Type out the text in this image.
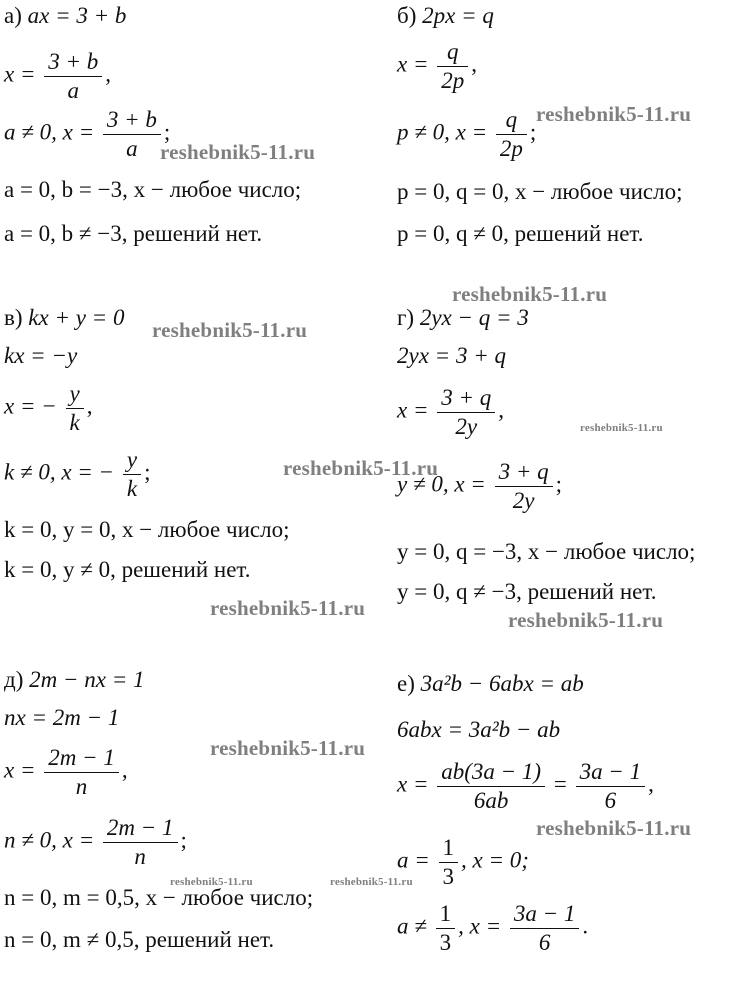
а) ax = 3 + b
$x = \frac{3 + b}{a}$ ,
a ≠ 0, $x = \frac{3 + b}{a}$ ;
a = 0, b = −3, x − любое число;
a = 0, b ≠ −3, решений нет.
б) 2px = q
$x = \frac{q}{2p}$ ,
p ≠ 0, $x = \frac{q}{2p}$ ;
p = 0, q = 0, x − любое число;
p = 0, q ≠ 0, решений нет.
в) kx + y = 0
kx = −y
x = − $\frac{y}{k}$ ,
k ≠ 0, x = − $\frac{y}{k}$ ;
k = 0, y = 0, x − любое число;
k = 0, y ≠ 0, решений нет.
г) 2yx − q = 3
2yx = 3 + q
$x = \frac{3 + q}{2y}$ ,
y ≠ 0, $x = \frac{3 + q}{2y}$ ;
y = 0, q = −3, x − любое число;
y = 0, q ≠ −3, решений нет.
д) 2m − nx = 1
nx = 2m − 1
$x = \frac{2m - 1}{n}$ ,
n ≠ 0, $x = \frac{2m - 1}{n}$ ;
n = 0, m = 0,5, x − любое число;
n = 0, m ≠ 0,5, решений нет.
е) 3a²b − 6abx = ab
6abx = 3a²b − ab
$x = \frac{ab(3a - 1)}{6ab} = \frac{3a - 1}{6}$ ,
$a = \frac{1}{3}$ , x = 0;
$a \ne \frac{1}{3}$ , $x = \frac{3a - 1}{6}$ .
reshebnik5-11.ru
reshebnik5-11.ru
reshebnik5-11.ru
reshebnik5-11.ru
reshebnik5-11.ru
reshebnik5-11.ru
reshebnik5-11.ru	reshebnik5-11.ru
reshebnik5-11.ru
reshebnik5-11.ru
reshebnik5-11.ru	reshebnik5-11.ru
